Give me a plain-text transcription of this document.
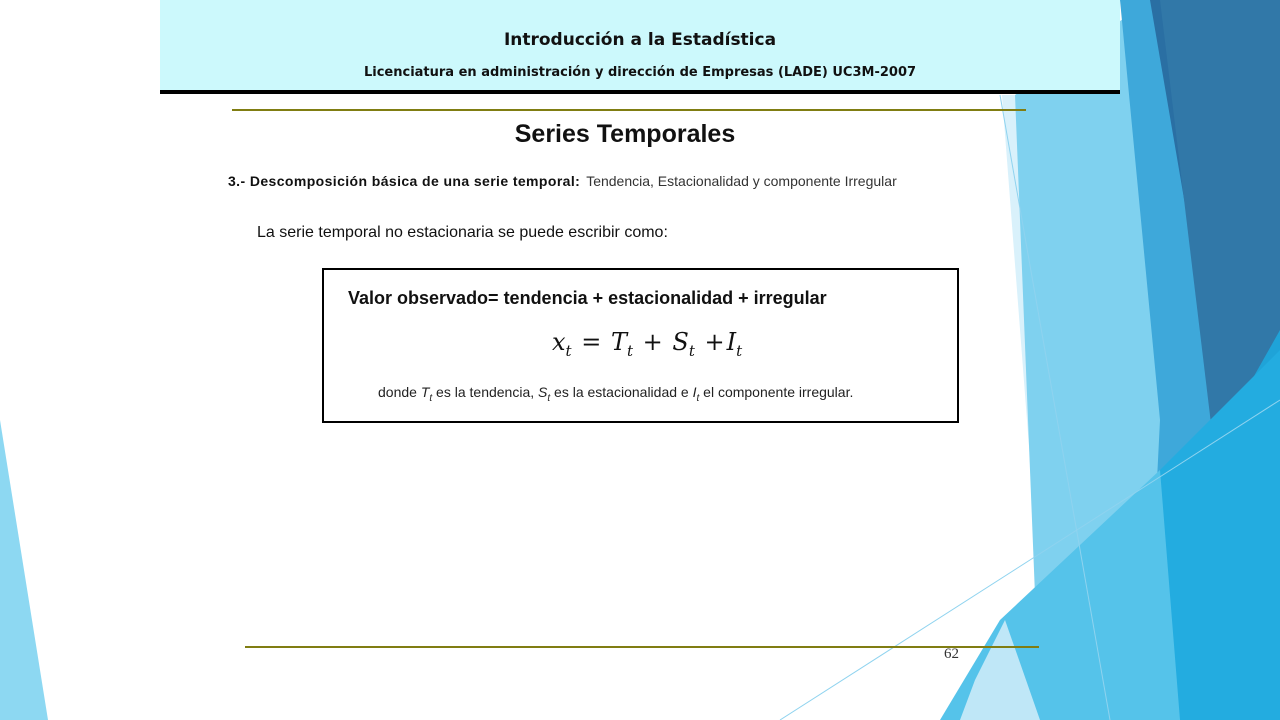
Introducción a la Estadística
Licenciatura en administración y dirección de Empresas (LADE) UC3M-2007
Series Temporales
3.- Descomposición básica de una serie temporal: Tendencia, Estacionalidad y componente Irregular
La serie temporal no estacionaria se puede escribir como:
Valor observado= tendencia + estacionalidad + irregular
$x_t = T_t + S_t +I_t$
donde $T_t$ es la tendencia, $S_t$ es la estacionalidad e $I_t$ el componente irregular.
62
